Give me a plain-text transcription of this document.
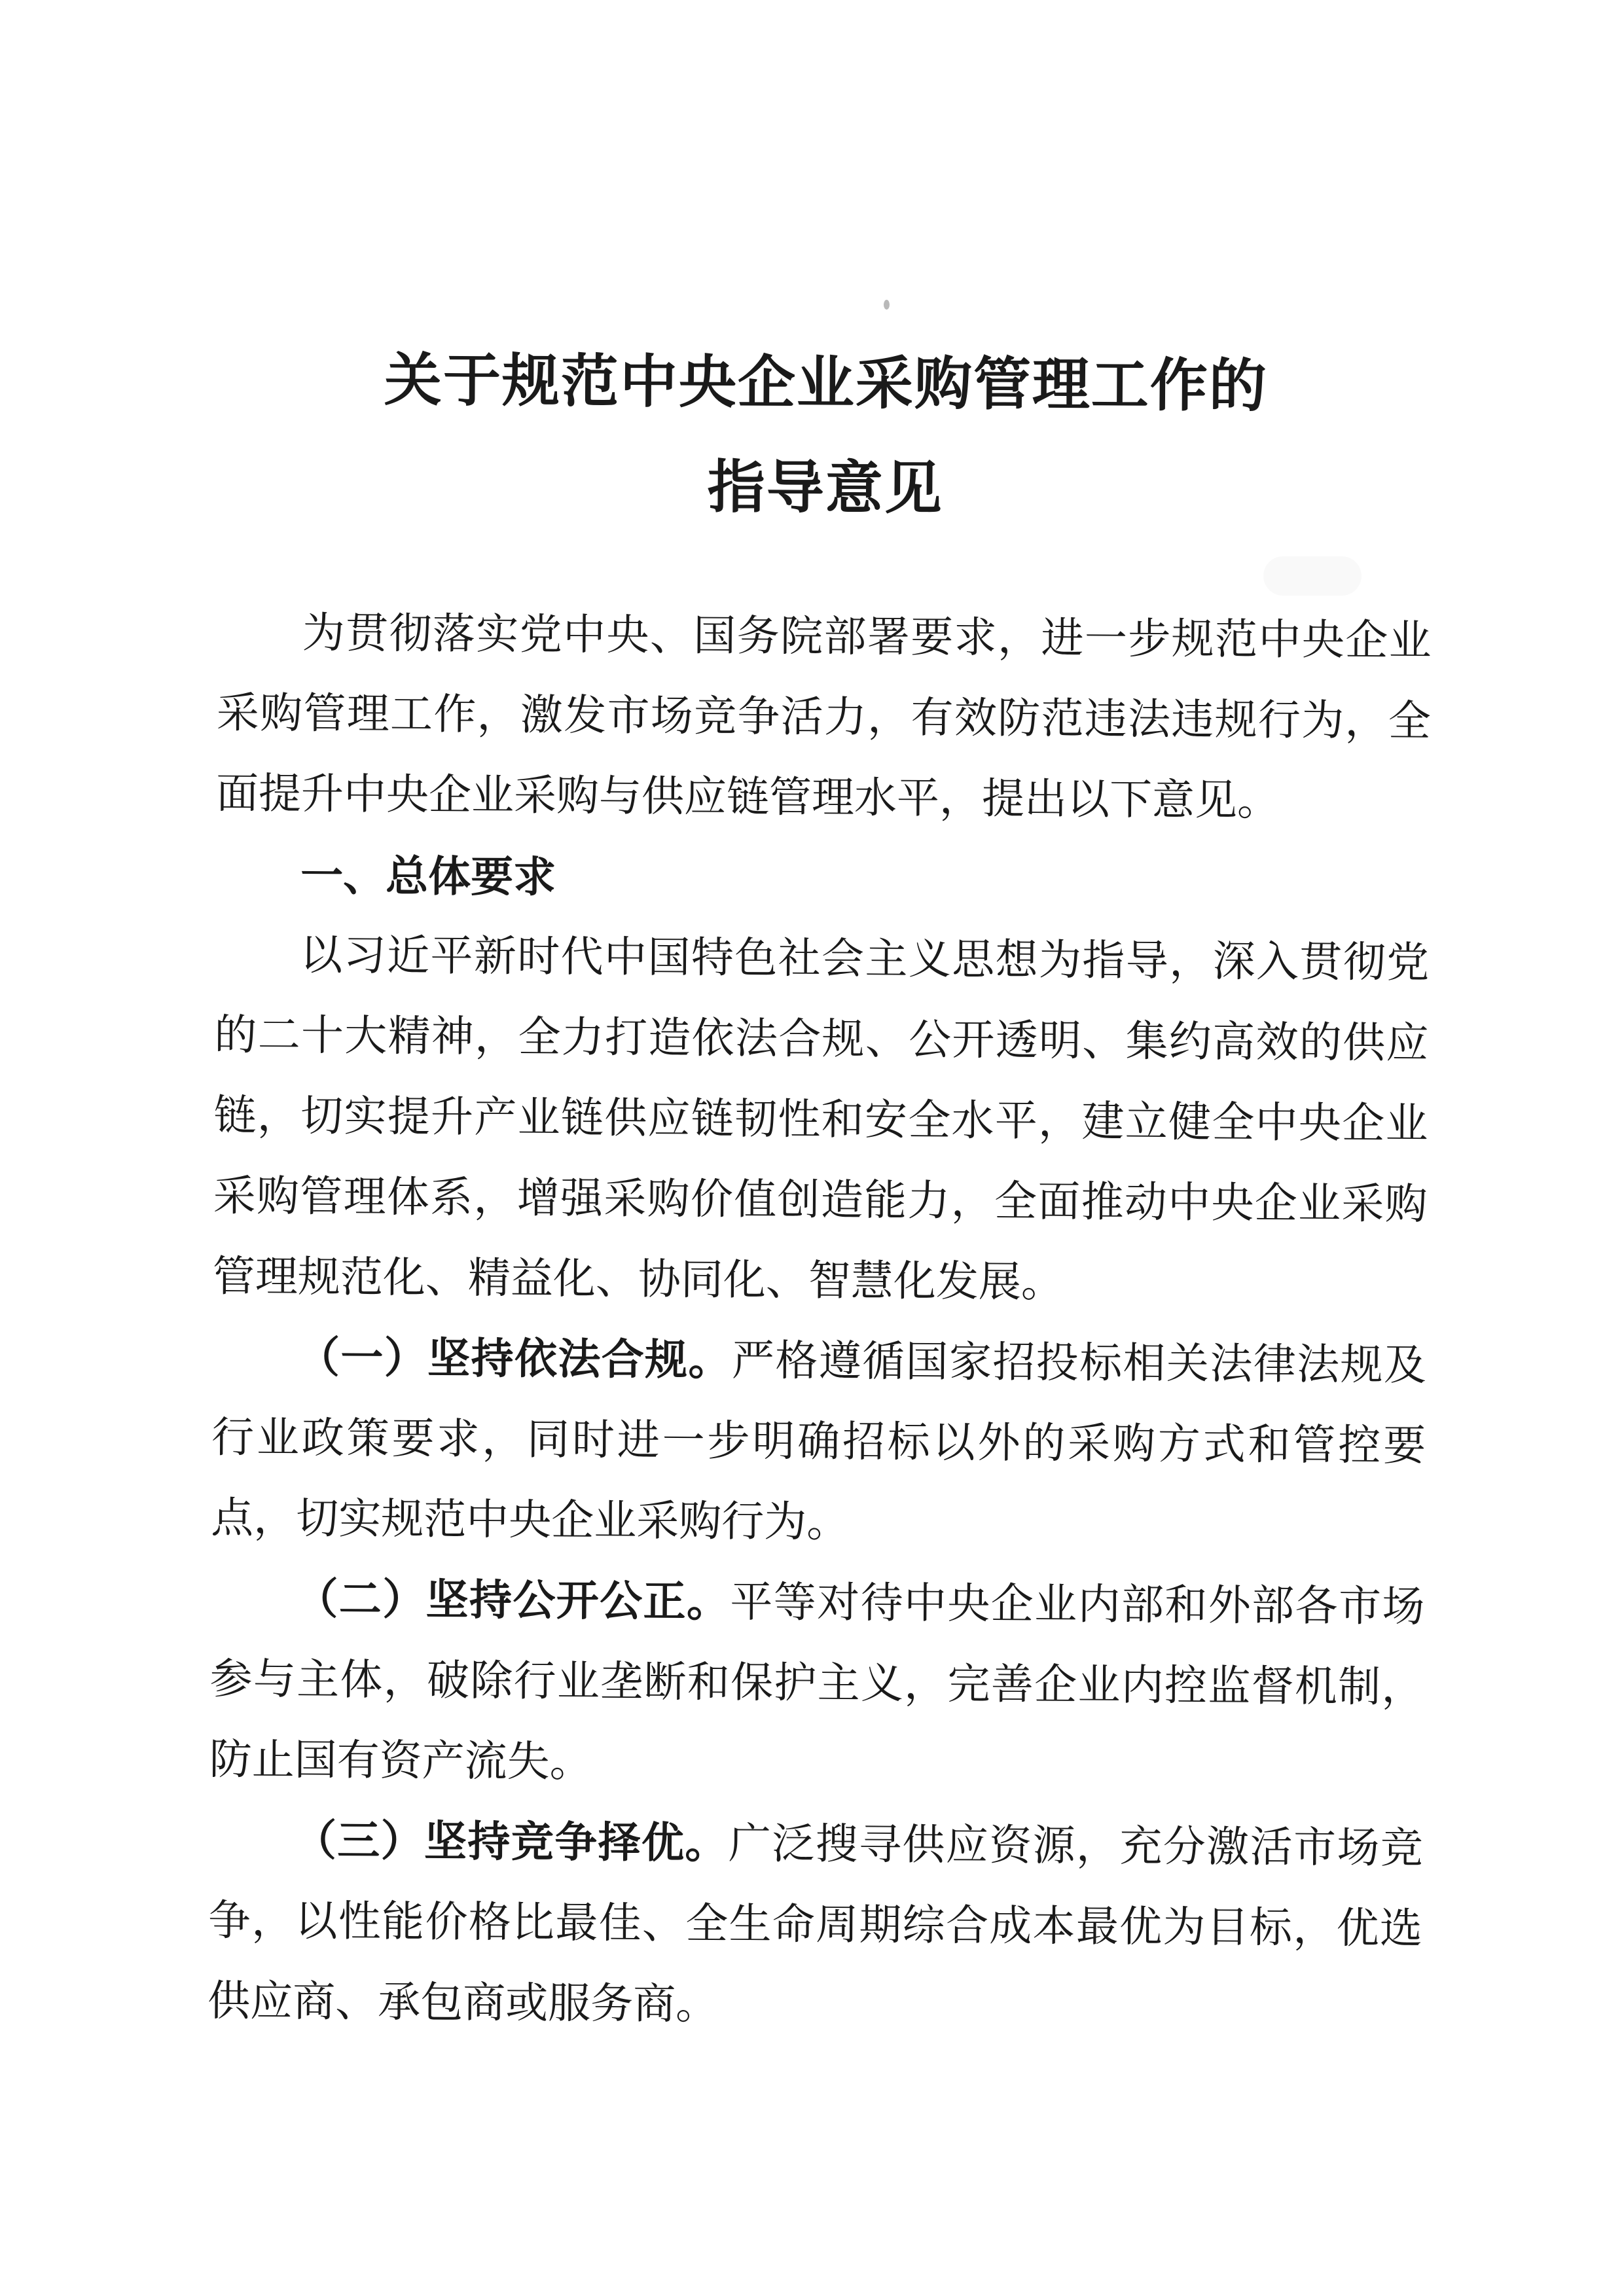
关于规范中央企业采购管理工作的
指导意见

为贯彻落实党中央、国务院部署要求，进一步规范中央企业采购管理工作，激发市场竞争活力，有效防范违法违规行为，全面提升中央企业采购与供应链管理水平，提出以下意见。

一、总体要求

以习近平新时代中国特色社会主义思想为指导，深入贯彻党的二十大精神，全力打造依法合规、公开透明、集约高效的供应链，切实提升产业链供应链韧性和安全水平，建立健全中央企业采购管理体系，增强采购价值创造能力，全面推动中央企业采购管理规范化、精益化、协同化、智慧化发展。

（一）坚持依法合规。严格遵循国家招投标相关法律法规及行业政策要求，同时进一步明确招标以外的采购方式和管控要点，切实规范中央企业采购行为。

（二）坚持公开公正。平等对待中央企业内部和外部各市场参与主体，破除行业垄断和保护主义，完善企业内控监督机制，防止国有资产流失。

（三）坚持竞争择优。广泛搜寻供应资源，充分激活市场竞争，以性能价格比最佳、全生命周期综合成本最优为目标，优选供应商、承包商或服务商。
